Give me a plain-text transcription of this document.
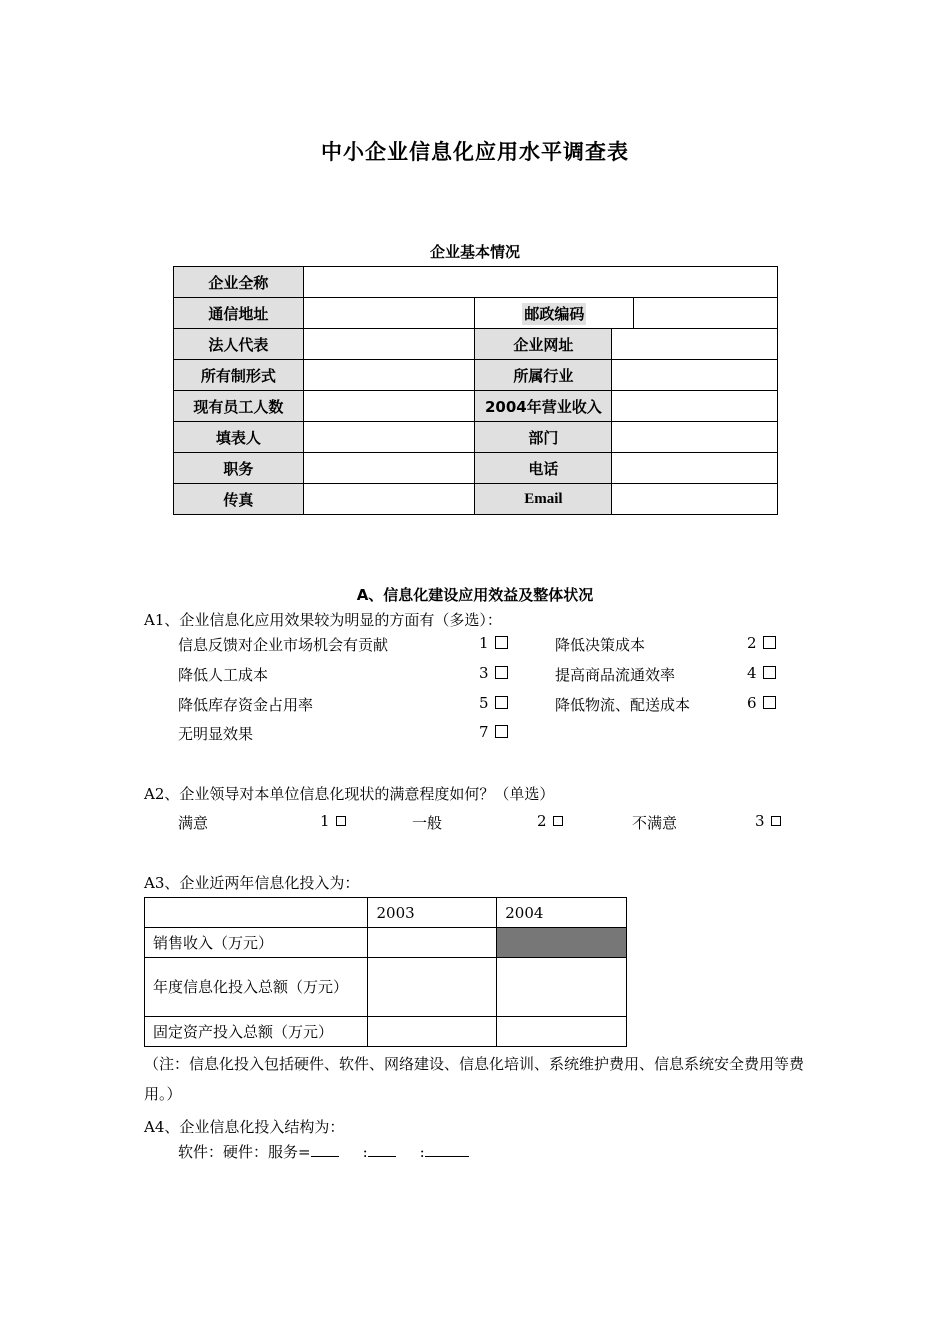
中小企业信息化应用水平调查表
企业基本情况
企业全称				
通信地址		邮政编码		
法人代表		企业网址		
所有制形式		所属行业		
现有员工人数		2004年营业收入		
填表人		部门		
职务		电话		
传真		Email		
A、信息化建设应用效益及整体状况
A1、企业信息化应用效果较为明显的方面有（多选）：
信息反馈对企业市场机会有贡献	1	降低决策成本	2
降低人工成本	3	提高商品流通效率	4
降低库存资金占用率	5	降低物流、配送成本	6
无明显效果	7
A2、企业领导对本单位信息化现状的满意程度如何？（单选）
满意	1	一般	2	不满意	3
A3、企业近两年信息化投入为：
	2003	2004
销售收入（万元）		
年度信息化投入总额（万元）		
固定资产投入总额（万元）		
（注：信息化投入包括硬件、软件、网络建设、信息化培训、系统维护费用、信息系统安全费用等费用。）
A4、企业信息化投入结构为：
软件：硬件：服务=	:	:
